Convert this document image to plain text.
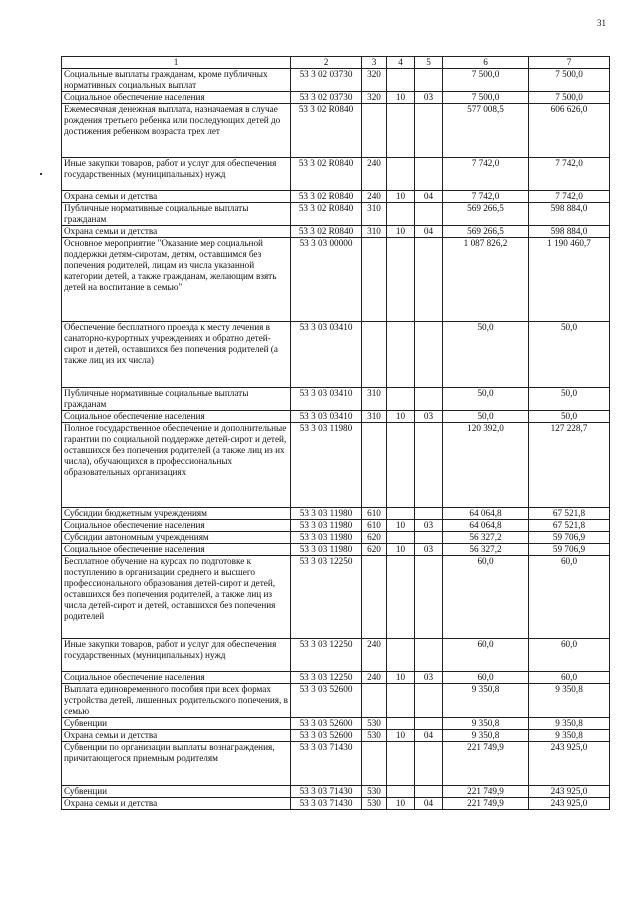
31
1	2	3	4	5	6	7
Социальные выплаты гражданам, кроме публичных нормативных социальных выплат	53 3 02 03730	320			7 500,0	7 500,0
Социальное обеспечение населения	53 3 02 03730	320	10	03	7 500,0	7 500,0
Ежемесячная денежная выплата, назначаемая в случае рождения третьего ребенка или последующих детей до достижения ребенком возраста трех лет	53 3 02 R0840				577 008,5	606 626,0
Иные закупки товаров, работ и услуг для обеспечения государственных (муниципальных) нужд	53 3 02 R0840	240			7 742,0	7 742,0
Охрана семьи и детства	53 3 02 R0840	240	10	04	7 742,0	7 742,0
Публичные нормативные социальные выплаты гражданам	53 3 02 R0840	310			569 266,5	598 884,0
Охрана семьи и детства	53 3 02 R0840	310	10	04	569 266,5	598 884,0
Основное мероприятие "Оказание мер социальной поддержки детям-сиротам, детям, оставшимся без попечения родителей, лицам из числа указанной категории детей, а также гражданам, желающим взять детей на воспитание в семью"	53 3 03 00000				1 087 826,2	1 190 460,7
Обеспечение бесплатного проезда к месту лечения в санаторно-курортных учреждениях и обратно детей-сирот и детей, оставшихся без попечения родителей (а также лиц из их числа)	53 3 03 03410				50,0	50,0
Публичные нормативные социальные выплаты гражданам	53 3 03 03410	310			50,0	50,0
Социальное обеспечение населения	53 3 03 03410	310	10	03	50,0	50,0
Полное государственное обеспечение и дополнительные гарантии по социальной поддержке детей-сирот и детей, оставшихся без попечения родителей (а также лиц из их числа), обучающихся в профессиональных образовательных организациях	53 3 03 11980				120 392,0	127 228,7
Субсидии бюджетным учреждениям	53 3 03 11980	610			64 064,8	67 521,8
Социальное обеспечение населения	53 3 03 11980	610	10	03	64 064,8	67 521,8
Субсидии автономным учреждениям	53 3 03 11980	620			56 327,2	59 706,9
Социальное обеспечение населения	53 3 03 11980	620	10	03	56 327,2	59 706,9
Бесплатное обучение на курсах по подготовке к поступлению в организации среднего и высшего профессионального образования детей-сирот и детей, оставшихся без попечения родителей, а также лиц из числа детей-сирот и детей, оставшихся без попечения родителей	53 3 03 12250				60,0	60,0
Иные закупки товаров, работ и услуг для обеспечения государственных (муниципальных) нужд	53 3 03 12250	240			60,0	60,0
Социальное обеспечение населения	53 3 03 12250	240	10	03	60,0	60,0
Выплата единовременного пособия при всех формах устройства детей, лишенных родительского попечения, в семью	53 3 03 52600				9 350,8	9 350,8
Субвенции	53 3 03 52600	530			9 350,8	9 350,8
Охрана семьи и детства	53 3 03 52600	530	10	04	9 350,8	9 350,8
Субвенции по организации выплаты вознаграждения, причитающегося приемным родителям	53 3 03 71430				221 749,9	243 925,0
Субвенции	53 3 03 71430	530			221 749,9	243 925,0
Охрана семьи и детства	53 3 03 71430	530	10	04	221 749,9	243 925,0
